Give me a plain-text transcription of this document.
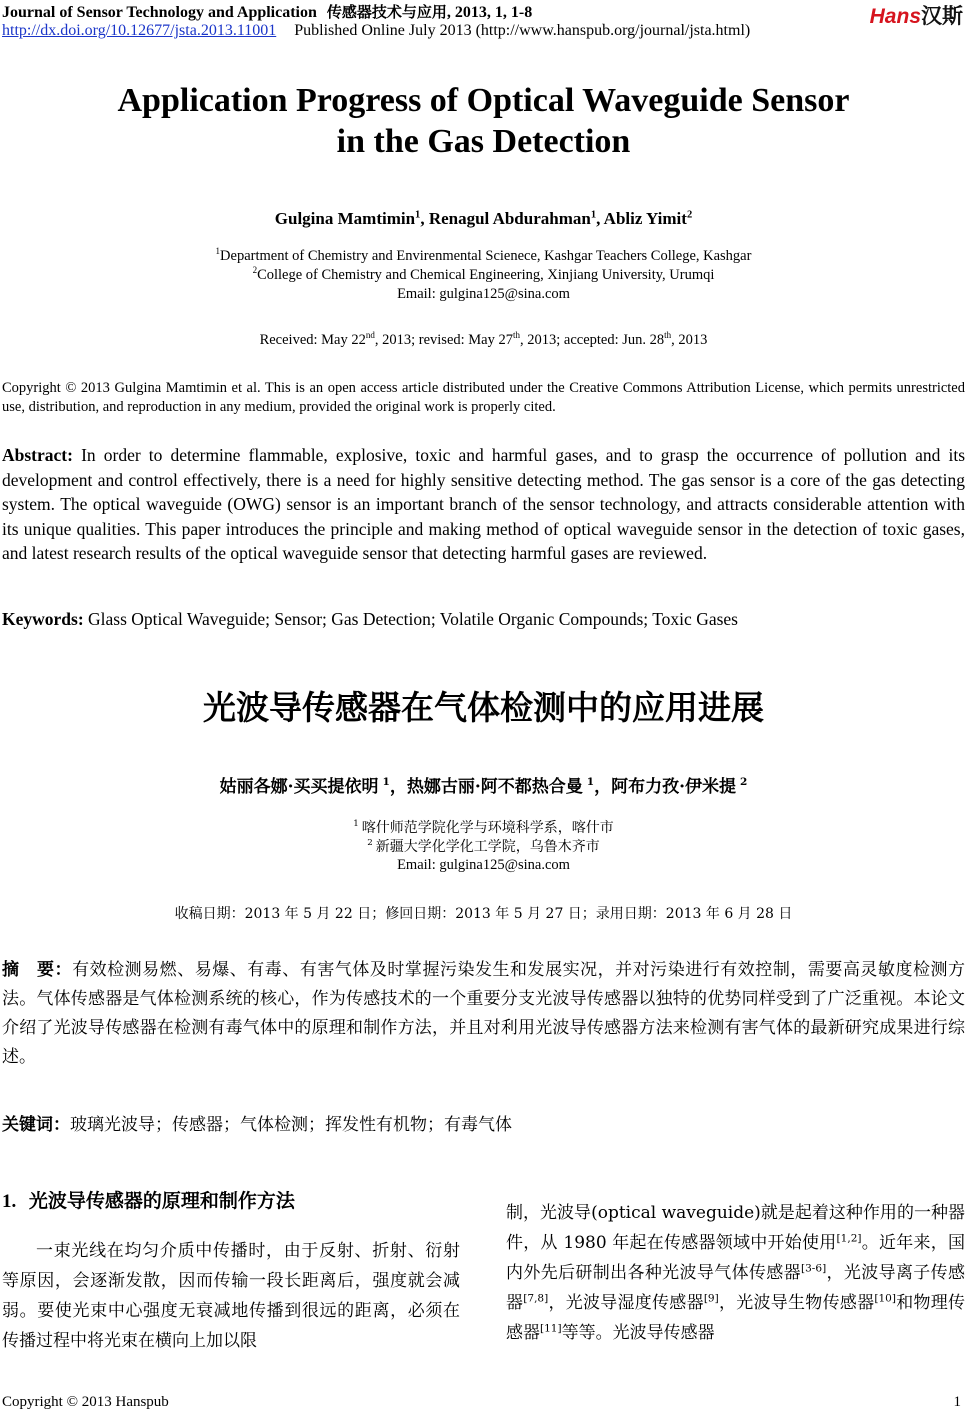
Journal of Sensor Technology and Application 传感器技术与应用, 2013, 1, 1-8
http://dx.doi.org/10.12677/jsta.2013.11001 Published Online July 2013 (http://www.hanspub.org/journal/jsta.html)
Hans汉斯
Application Progress of Optical Waveguide Sensor
in the Gas Detection
Gulgina Mamtimin$^1$, Renagul Abdurahman$^1$, Abliz Yimit$^2$
$^1$Department of Chemistry and Envirenmental Scienece, Kashgar Teachers College, Kashgar
$^2$College of Chemistry and Chemical Engineering, Xinjiang University, Urumqi
Email: gulgina125@sina.com
Received: May 22nd, 2013; revised: May 27th, 2013; accepted: Jun. 28th, 2013
Copyright © 2013 Gulgina Mamtimin et al. This is an open access article distributed under the Creative Commons Attribution License, which permits unrestricted use, distribution, and reproduction in any medium, provided the original work is properly cited.
Abstract: In order to determine flammable, explosive, toxic and harmful gases, and to grasp the occurrence of pollution and its development and control effectively, there is a need for highly sensitive detecting method. The gas sensor is a core of the gas detecting system. The optical waveguide (OWG) sensor is an important branch of the sensor technology, and attracts considerable attention with its unique qualities. This paper introduces the principle and making method of optical waveguide sensor in the detection of toxic gases, and latest research results of the optical waveguide sensor that detecting harmful gases are reviewed.
Keywords: Glass Optical Waveguide; Sensor; Gas Detection; Volatile Organic Compounds; Toxic Gases
光波导传感器在气体检测中的应用进展
姑丽各娜·买买提依明 $^1$，热娜古丽·阿不都热合曼 $^1$，阿布力孜·伊米提 $^2$
$^1$ 喀什师范学院化学与环境科学系，喀什市
$^2$ 新疆大学化学化工学院，乌鲁木齐市
Email: gulgina125@sina.com
收稿日期：2013 年 5 月 22 日；修回日期：2013 年 5 月 27 日；录用日期：2013 年 6 月 28 日
摘　要：有效检测易燃、易爆、有毒、有害气体及时掌握污染发生和发展实况，并对污染进行有效控制，需要高灵敏度检测方法。气体传感器是气体检测系统的核心，作为传感技术的一个重要分支光波导传感器以独特的优势同样受到了广泛重视。本论文介绍了光波导传感器在检测有毒气体中的原理和制作方法，并且对利用光波导传感器方法来检测有害气体的最新研究成果进行综述。
关键词：玻璃光波导；传感器；气体检测；挥发性有机物；有毒气体
1. 光波导传感器的原理和制作方法

一束光线在均匀介质中传播时，由于反射、折射、衍射等原因，会逐渐发散，因而传输一段长距离后，强度就会减弱。要使光束中心强度无衰减地传播到很远的距离，必须在传播过程中将光束在横向上加以限

制，光波导(optical waveguide)就是起着这种作用的一种器件，从 1980 年起在传感器领域中开始使用[1,2]。近年来，国内外先后研制出各种光波导气体传感器[3-6]，光波导离子传感器[7,8]，光波导湿度传感器[9]，光波导生物传感器[10]和物理传感器[11]等等。光波导传感器

Copyright © 2013 Hanspub	1
